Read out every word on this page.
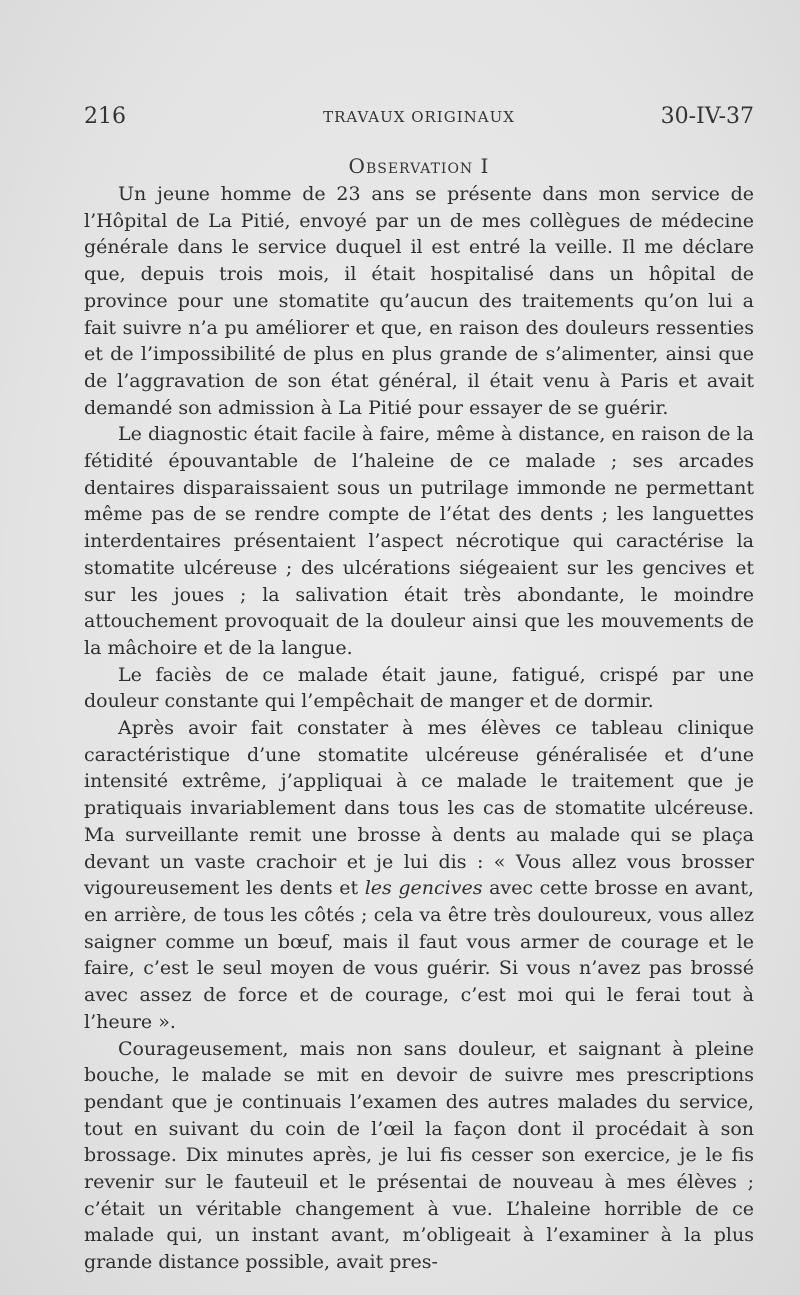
216	TRAVAUX ORIGINAUX	30-IV-37
Observation I

Un jeune homme de 23 ans se présente dans mon service de l’Hôpital de La Pitié, envoyé par un de mes collègues de médecine générale dans le service duquel il est entré la veille. Il me déclare que, depuis trois mois, il était hospitalisé dans un hôpital de province pour une stomatite qu’aucun des traitements qu’on lui a fait suivre n’a pu améliorer et que, en raison des douleurs ressenties et de l’impossibilité de plus en plus grande de s’alimenter, ainsi que de l’aggravation de son état général, il était venu à Paris et avait demandé son admission à La Pitié pour essayer de se guérir.

Le diagnostic était facile à faire, même à distance, en raison de la fétidité épouvantable de l’haleine de ce malade ; ses arcades dentaires disparaissaient sous un putrilage immonde ne permettant même pas de se rendre compte de l’état des dents ; les languettes interdentaires présentaient l’aspect nécrotique qui caractérise la stomatite ulcéreuse ; des ulcérations siégeaient sur les gencives et sur les joues ; la salivation était très abondante, le moindre attouchement provoquait de la douleur ainsi que les mouvements de la mâchoire et de la langue.

Le faciès de ce malade était jaune, fatigué, crispé par une douleur constante qui l’empêchait de manger et de dormir.

Après avoir fait constater à mes élèves ce tableau clinique caractéristique d’une stomatite ulcéreuse généralisée et d’une intensité extrême, j’appliquai à ce malade le traitement que je pratiquais invariablement dans tous les cas de stomatite ulcéreuse. Ma surveillante remit une brosse à dents au malade qui se plaça devant un vaste crachoir et je lui dis : « Vous allez vous brosser vigoureusement les dents et les gencives avec cette brosse en avant, en arrière, de tous les côtés ; cela va être très douloureux, vous allez saigner comme un bœuf, mais il faut vous armer de courage et le faire, c’est le seul moyen de vous guérir. Si vous n’avez pas brossé avec assez de force et de courage, c’est moi qui le ferai tout à l’heure ».

Courageusement, mais non sans douleur, et saignant à pleine bouche, le malade se mit en devoir de suivre mes prescriptions pendant que je continuais l’examen des autres malades du service, tout en suivant du coin de l’œil la façon dont il procédait à son brossage. Dix minutes après, je lui fis cesser son exercice, je le fis revenir sur le fauteuil et le présentai de nouveau à mes élèves ; c’était un véritable changement à vue. L’haleine horrible de ce malade qui, un instant avant, m’obligeait à l’examiner à la plus grande distance possible, avait pres-
